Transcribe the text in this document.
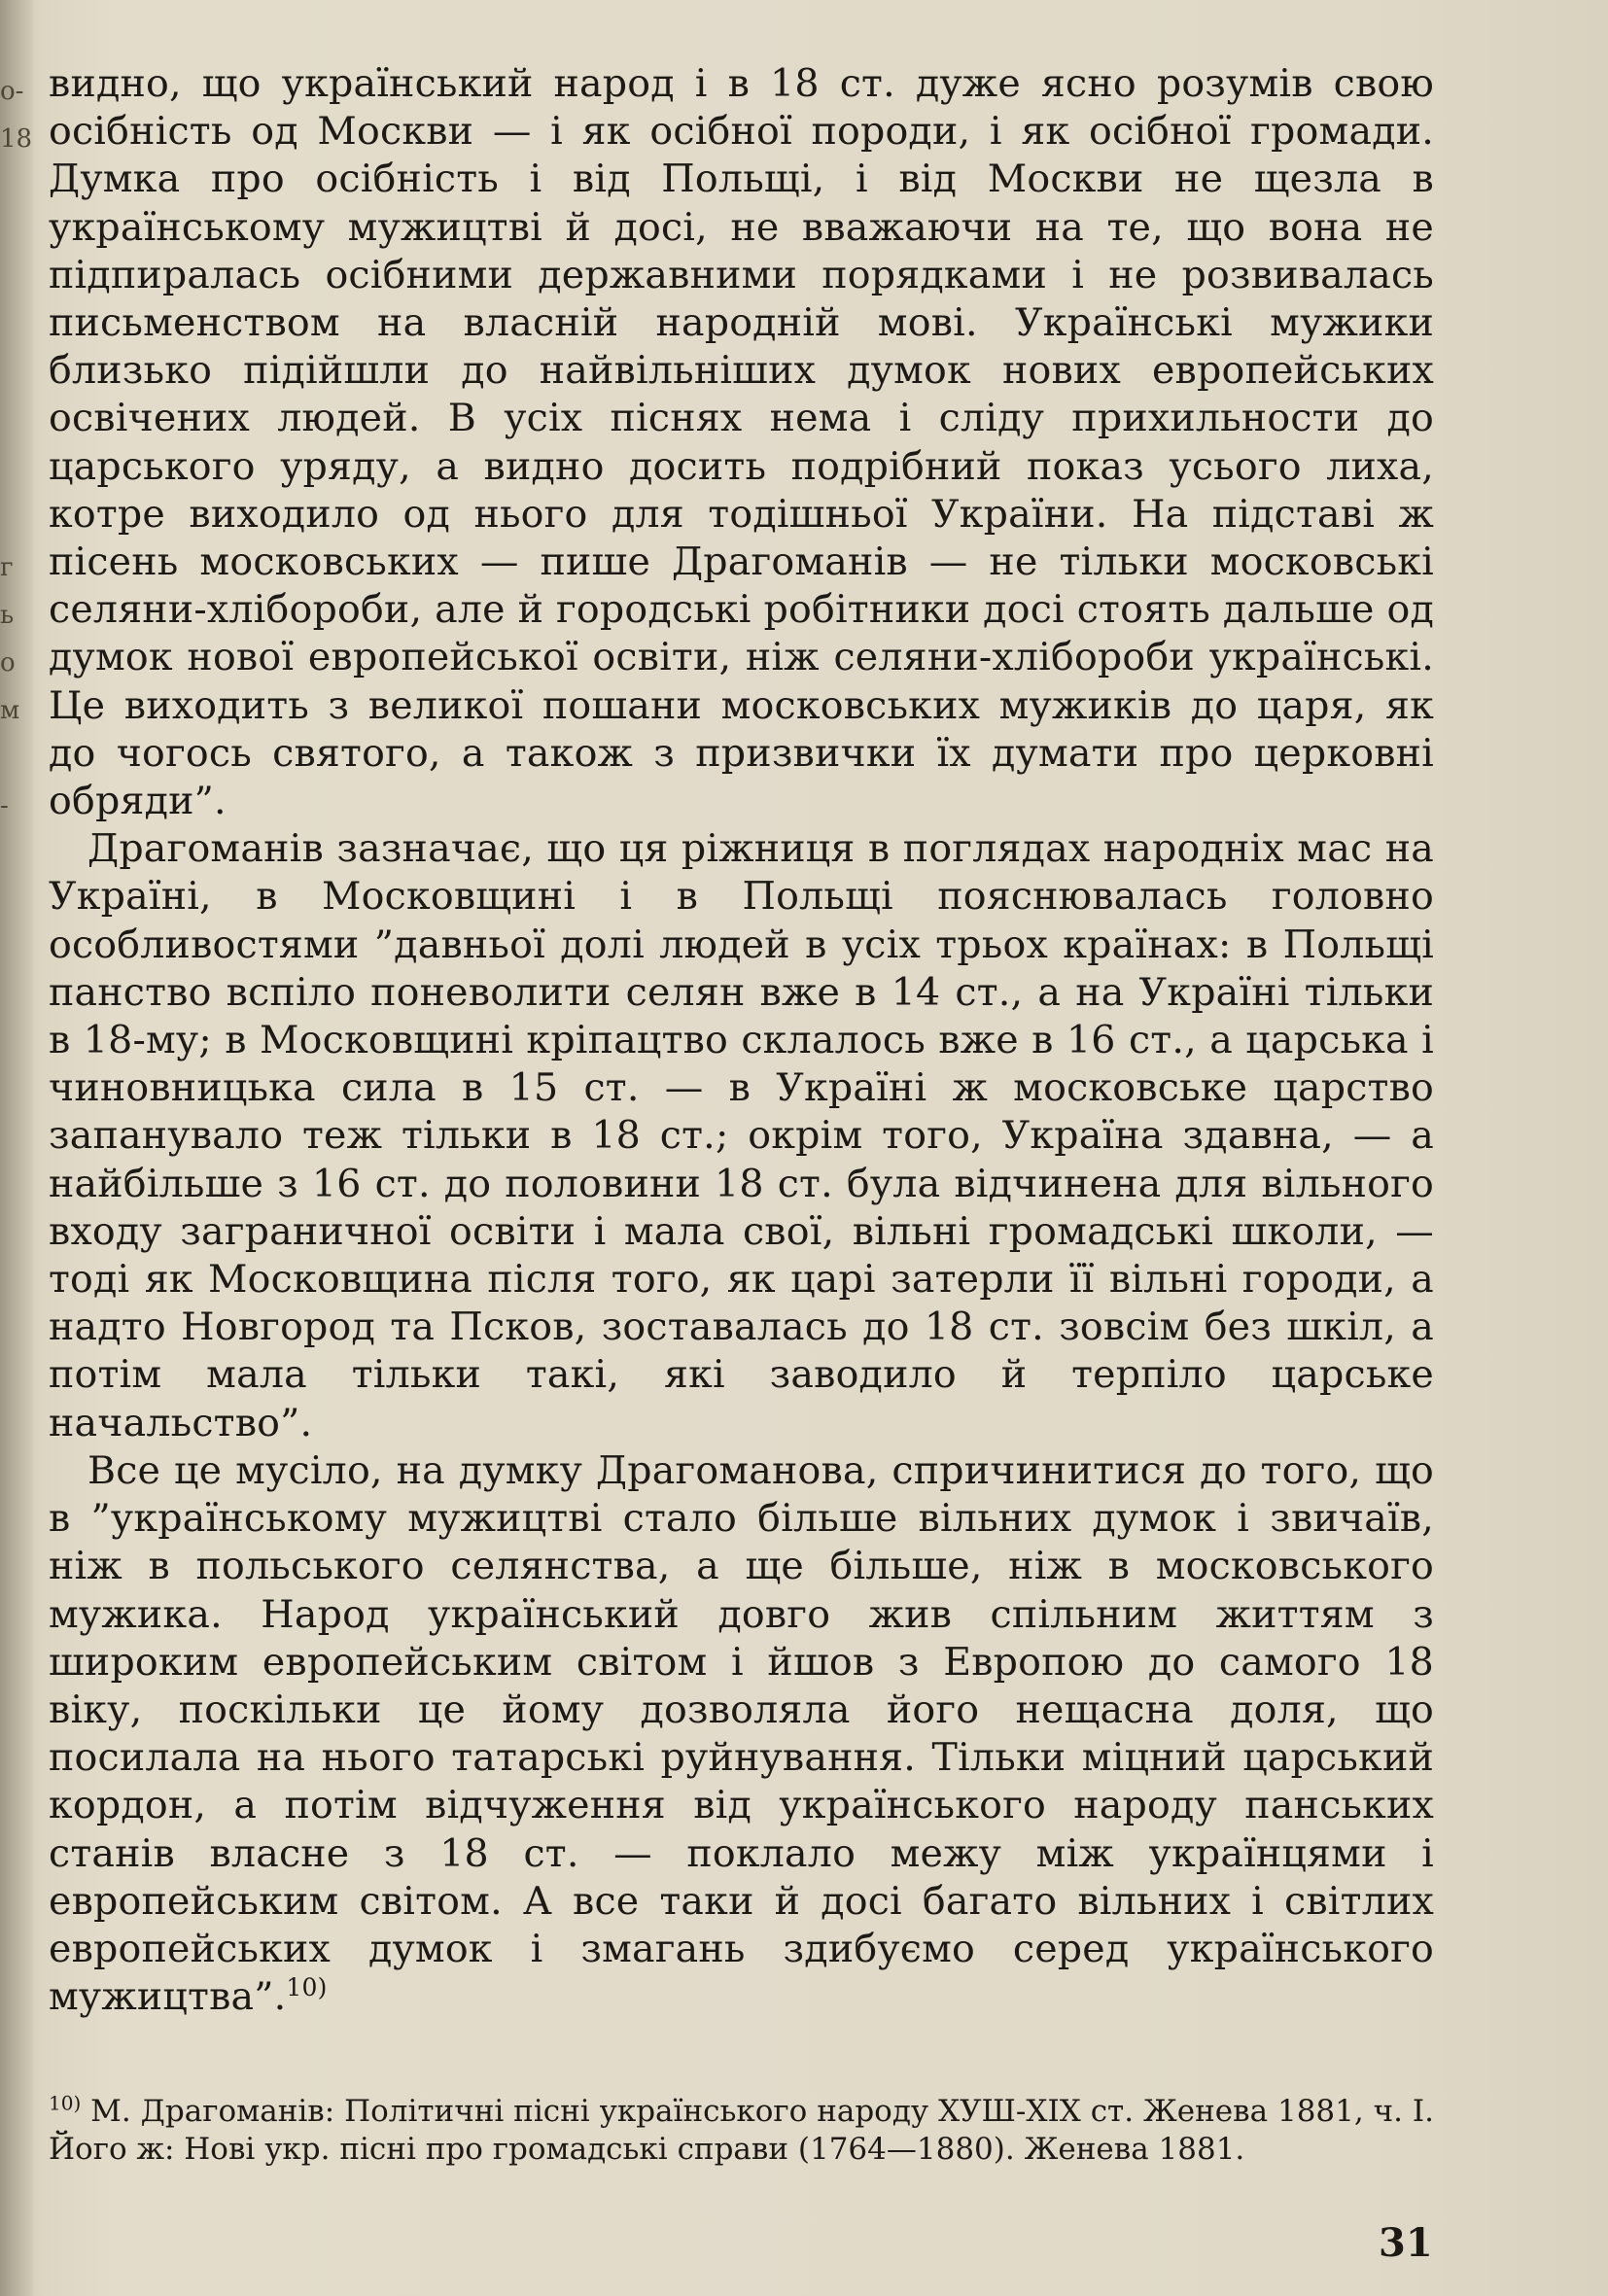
о-
18
г
ь
о
м
-

видно, що український народ і в 18 ст. дуже ясно розумів свою осібність од Москви — і як осібної породи, і як осібної громади. Думка про осібність і від Польщі, і від Москви не щезла в українському мужицтві й досі, не вважаючи на те, що вона не підпиралась осібними державними порядками і не розвивалась письменством на власній народній мові. Українські мужики близько підійшли до найвільніших думок нових европейських освічених людей. В усіх піснях нема і сліду прихильности до царського уряду, а видно досить подрібний показ усього лиха, котре виходило од нього для тодішньої України. На підставі ж пісень московських — пише Драгоманів — не тільки московські селяни-хлібороби, але й городські робітники досі стоять дальше од думок нової европейської освіти, ніж селяни-хлібороби українські. Це виходить з великої пошани московських мужиків до царя, як до чогось святого, а також з призвички їх думати про церковні обряди”.

Драгоманів зазначає, що ця ріжниця в поглядах народніх мас на Україні, в Московщині і в Польщі пояснювалась головно особливостями ”давньої долі людей в усіх трьох країнах: в Польщі панство вспіло поневолити селян вже в 14 ст., а на Україні тільки в 18-му; в Московщині кріпацтво склалось вже в 16 ст., а царська і чиновницька сила в 15 ст. — в Україні ж московське царство запанувало теж тільки в 18 ст.; окрім того, Україна здавна, — а найбільше з 16 ст. до половини 18 ст. була відчинена для вільного входу заграничної освіти і мала свої, вільні громадські школи, — тоді як Московщина після того, як царі затерли її вільні городи, а надто Новгород та Псков, зоставалась до 18 ст. зовсім без шкіл, а потім мала тільки такі, які заводило й терпіло царське начальство”.

Все це мусіло, на думку Драгоманова, спричинитися до того, що в ”українському мужицтві стало більше вільних думок і звичаїв, ніж в польського селянства, а ще більше, ніж в московського мужика. Народ український довго жив спільним життям з широким европейським світом і йшов з Европою до самого 18 віку, поскільки це йому дозволяла його нещасна доля, що посилала на нього татарські руйнування. Тільки міцний царський кордон, а потім відчуження від українського народу панських станів власне з 18 ст. — поклало межу між українцями і европейським світом. А все таки й досі багато вільних і світлих европейських думок і змагань здибуємо серед українського мужицтва”.$^{10)}$

$^{10)}$ М. Драгоманів: Політичні пісні українського народу ХУШ-ХІХ ст. Женева 1881, ч. І. Його ж: Нові укр. пісні про громадські справи (1764—1880). Женева 1881.
31
